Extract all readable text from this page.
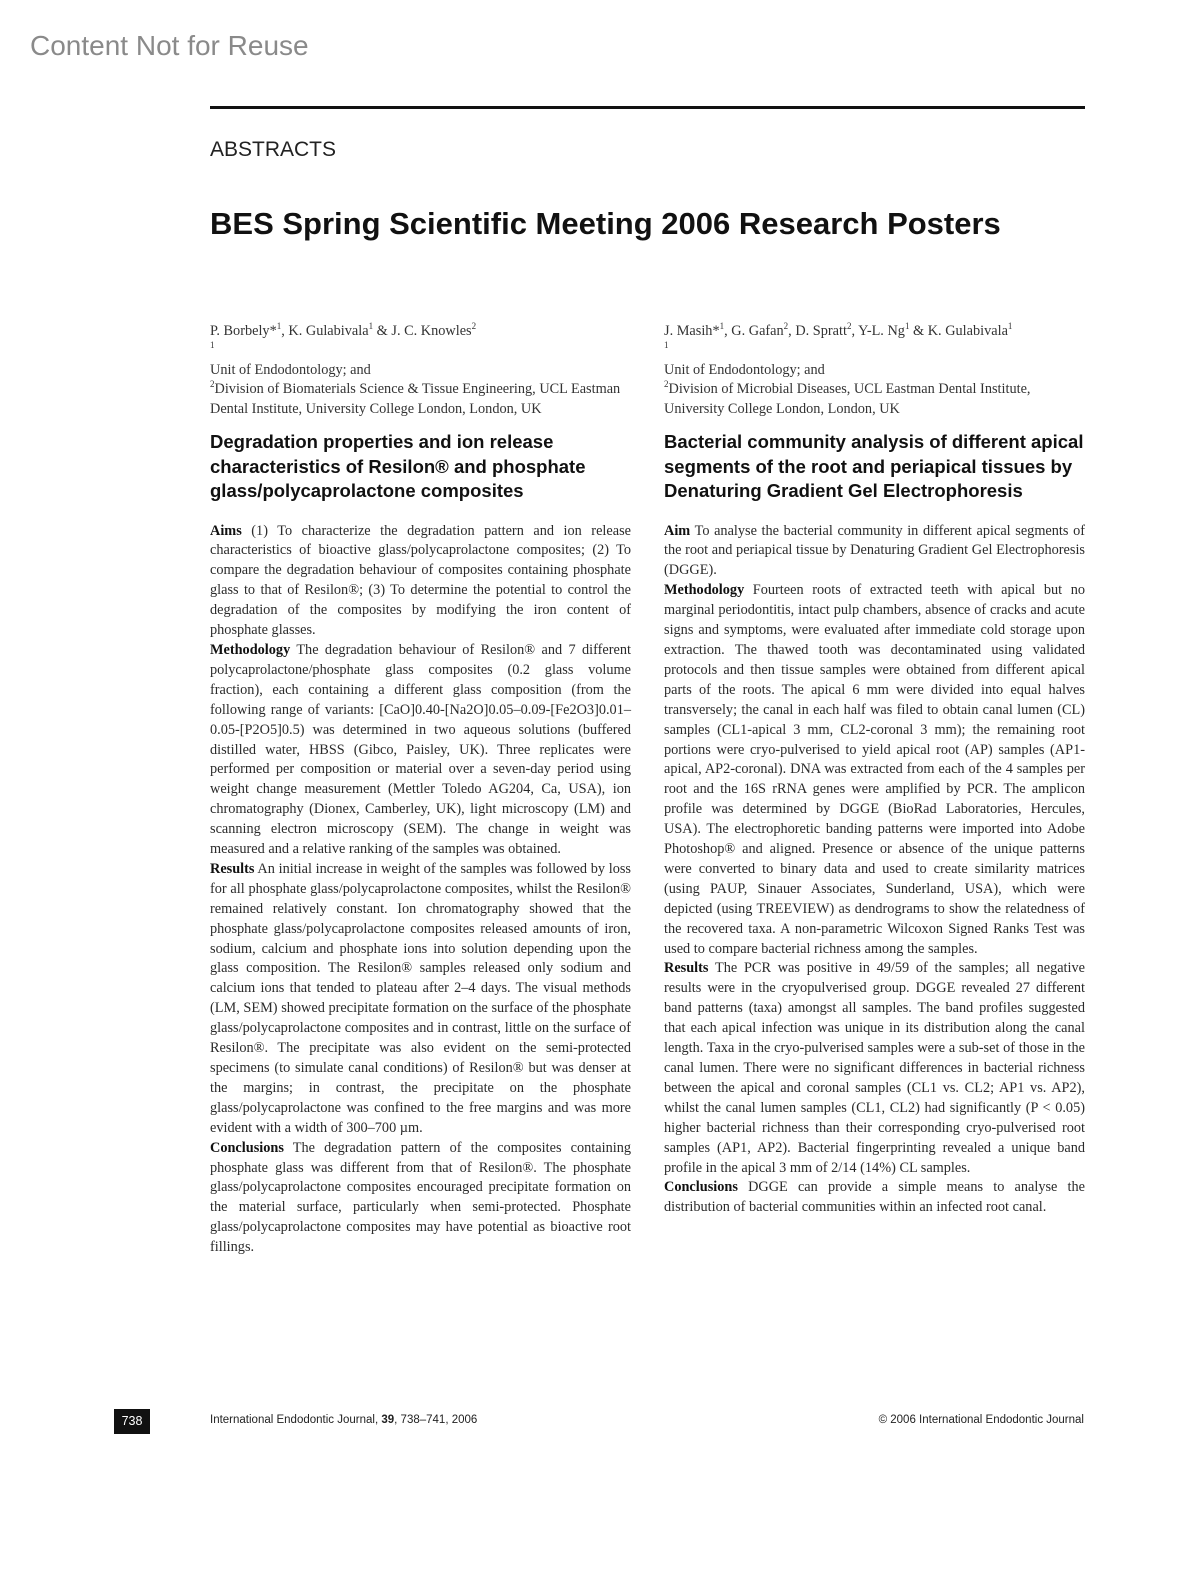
Content Not for Reuse
ABSTRACTS
BES Spring Scientific Meeting 2006 Research Posters
P. Borbely*$^1$, K. Gulabivala$^1$ & J. C. Knowles$^2$
$^1$
Unit of Endodontology; and
$^2$Division of Biomaterials Science & Tissue Engineering, UCL Eastman Dental Institute, University College London, London, UK
Degradation properties and ion release characteristics of Resilon® and phosphate glass/polycaprolactone composites

Aims (1) To characterize the degradation pattern and ion release characteristics of bioactive glass/polycaprolactone composites; (2) To compare the degradation behaviour of composites containing phosphate glass to that of Resilon®; (3) To determine the potential to control the degradation of the composites by modifying the iron content of phosphate glasses.

Methodology The degradation behaviour of Resilon® and 7 different polycaprolactone/phosphate glass composites (0.2 glass volume fraction), each containing a different glass composition (from the following range of variants: [CaO]0.40-[Na2O]0.05–0.09-[Fe2O3]0.01–0.05-[P2O5]0.5) was determined in two aqueous solutions (buffered distilled water, HBSS (Gibco, Paisley, UK). Three replicates were performed per composition or material over a seven-day period using weight change measurement (Mettler Toledo AG204, Ca, USA), ion chromatography (Dionex, Camberley, UK), light microscopy (LM) and scanning electron microscopy (SEM). The change in weight was measured and a relative ranking of the samples was obtained.

Results An initial increase in weight of the samples was followed by loss for all phosphate glass/polycaprolactone composites, whilst the Resilon® remained relatively constant. Ion chromatography showed that the phosphate glass/polycaprolactone composites released amounts of iron, sodium, calcium and phosphate ions into solution depending upon the glass composition. The Resilon® samples released only sodium and calcium ions that tended to plateau after 2–4 days. The visual methods (LM, SEM) showed precipitate formation on the surface of the phosphate glass/polycaprolactone composites and in contrast, little on the surface of Resilon®. The precipitate was also evident on the semi-protected specimens (to simulate canal conditions) of Resilon® but was denser at the margins; in contrast, the precipitate on the phosphate glass/polycaprolactone was confined to the free margins and was more evident with a width of 300–700 µm.

Conclusions The degradation pattern of the composites containing phosphate glass was different from that of Resilon®. The phosphate glass/polycaprolactone composites encouraged precipitate formation on the material surface, particularly when semi-protected. Phosphate glass/polycaprolactone composites may have potential as bioactive root fillings.

J. Masih*$^1$, G. Gafan$^2$, D. Spratt$^2$, Y-L. Ng$^1$ & K. Gulabivala$^1$
$^1$
Unit of Endodontology; and
$^2$Division of Microbial Diseases, UCL Eastman Dental Institute, University College London, London, UK
Bacterial community analysis of different apical segments of the root and periapical tissues by Denaturing Gradient Gel Electrophoresis

Aim To analyse the bacterial community in different apical segments of the root and periapical tissue by Denaturing Gradient Gel Electrophoresis (DGGE).

Methodology Fourteen roots of extracted teeth with apical but no marginal periodontitis, intact pulp chambers, absence of cracks and acute signs and symptoms, were evaluated after immediate cold storage upon extraction. The thawed tooth was decontaminated using validated protocols and then tissue samples were obtained from different apical parts of the roots. The apical 6 mm were divided into equal halves transversely; the canal in each half was filed to obtain canal lumen (CL) samples (CL1-apical 3 mm, CL2-coronal 3 mm); the remaining root portions were cryo-pulverised to yield apical root (AP) samples (AP1-apical, AP2-coronal). DNA was extracted from each of the 4 samples per root and the 16S rRNA genes were amplified by PCR. The amplicon profile was determined by DGGE (BioRad Laboratories, Hercules, USA). The electrophoretic banding patterns were imported into Adobe Photoshop® and aligned. Presence or absence of the unique patterns were converted to binary data and used to create similarity matrices (using PAUP, Sinauer Associates, Sunderland, USA), which were depicted (using TREEVIEW) as dendrograms to show the relatedness of the recovered taxa. A non-parametric Wilcoxon Signed Ranks Test was used to compare bacterial richness among the samples.

Results The PCR was positive in 49/59 of the samples; all negative results were in the cryopulverised group. DGGE revealed 27 different band patterns (taxa) amongst all samples. The band profiles suggested that each apical infection was unique in its distribution along the canal length. Taxa in the cryo-pulverised samples were a sub-set of those in the canal lumen. There were no significant differences in bacterial richness between the apical and coronal samples (CL1 vs. CL2; AP1 vs. AP2), whilst the canal lumen samples (CL1, CL2) had significantly (P < 0.05) higher bacterial richness than their corresponding cryo-pulverised root samples (AP1, AP2). Bacterial fingerprinting revealed a unique band profile in the apical 3 mm of 2/14 (14%) CL samples.

Conclusions DGGE can provide a simple means to analyse the distribution of bacterial communities within an infected root canal.

738	International Endodontic Journal, 39, 738–741, 2006	© 2006 International Endodontic Journal
